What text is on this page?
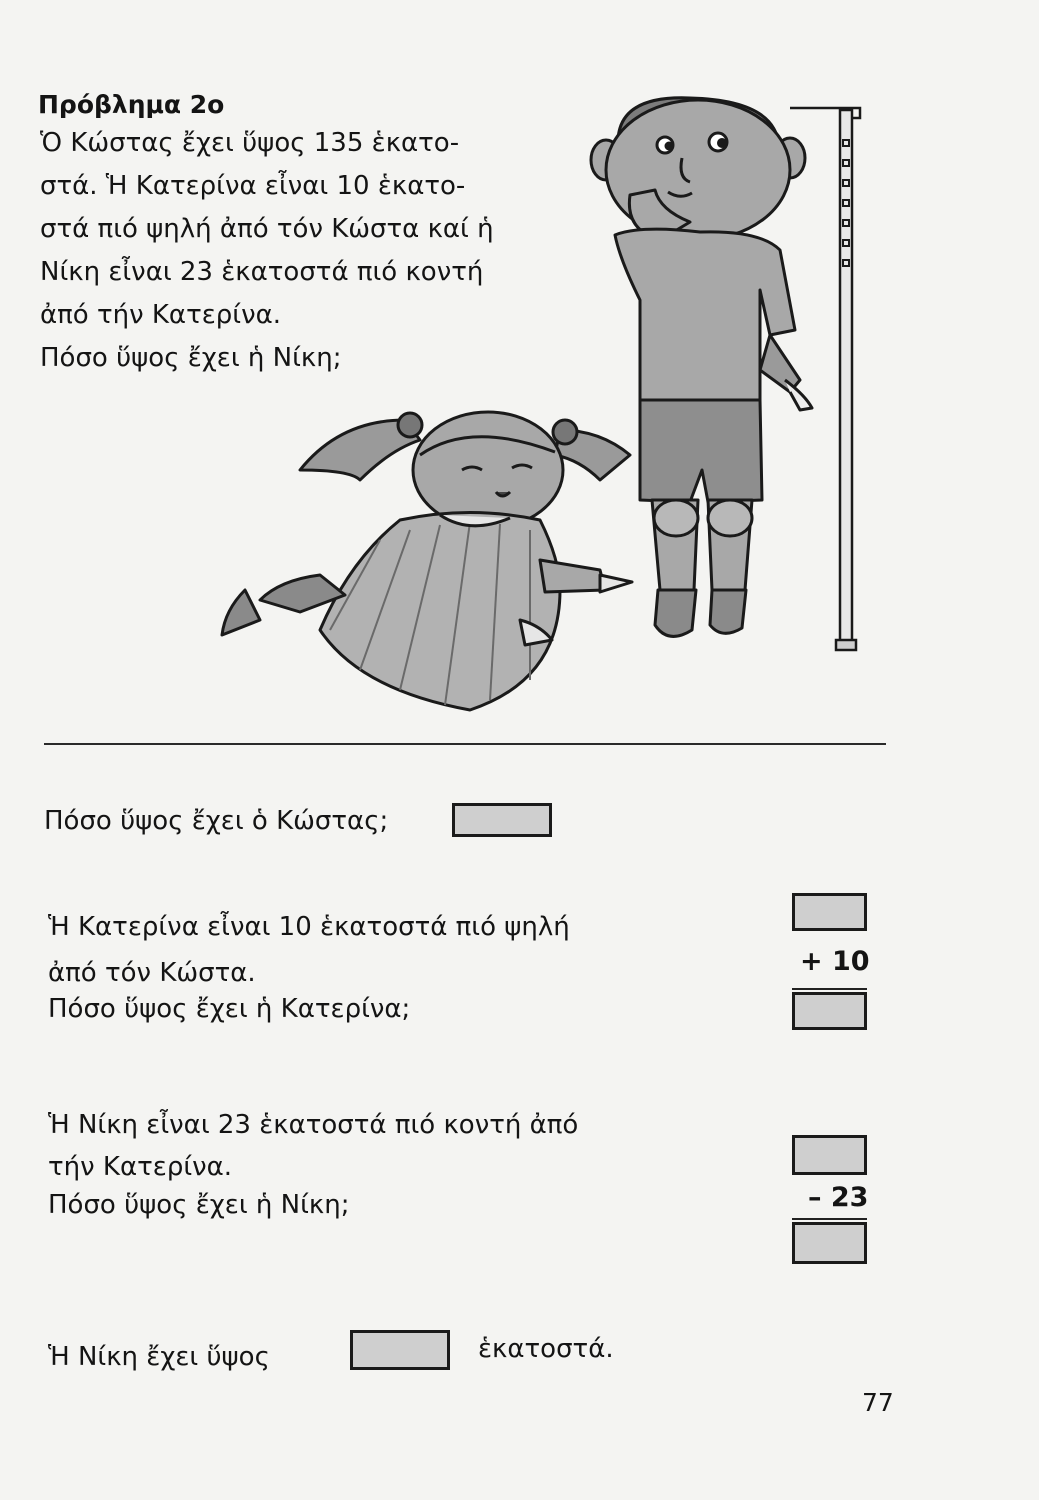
Πρόβλημα 2ο
Ὁ Κώστας ἔχει ὕψος 135 ἑκατο-
στά. Ἡ Κατερίνα εἶναι 10 ἑκατο-
στά πιό ψηλή ἀπό τόν Κώστα καί ἡ
Νίκη εἶναι 23 ἑκατοστά πιό κοντή
ἀπό τήν Κατερίνα.
Πόσο ὕψος ἔχει ἡ Νίκη;
Πόσο ὕψος ἔχει ὁ Κώστας;
Ἡ Κατερίνα εἶναι 10 ἑκατοστά πιό ψηλή
ἀπό τόν Κώστα.
Πόσο ὕψος ἔχει ἡ Κατερίνα;
+ 10
Ἡ Νίκη εἶναι 23 ἑκατοστά πιό κοντή ἀπό
τήν Κατερίνα.
Πόσο ὕψος ἔχει ἡ Νίκη;	– 23
Ἡ Νίκη ἔχει ὕψος	ἑκατοστά.
77
